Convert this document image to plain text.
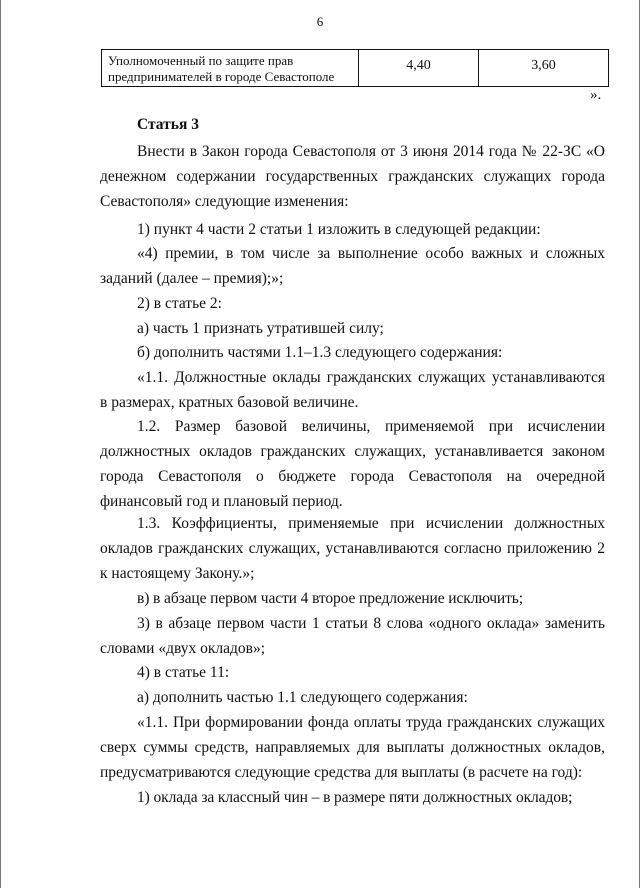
6
Уполномоченный по защите прав предпринимателей в городе Севастополе
4,40	3,60
».
Статья 3
Внести в Закон города Севастополя от 3 июня 2014 года № 22-ЗС «О денежном содержании государственных гражданских служащих города Севастополя» следующие изменения:
1) пункт 4 части 2 статьи 1 изложить в следующей редакции:
«4) премии, в том числе за выполнение особо важных и сложных заданий (далее – премия);»;
2) в статье 2:
а) часть 1 признать утратившей силу;
б) дополнить частями 1.1–1.3 следующего содержания:
«1.1. Должностные оклады гражданских служащих устанавливаются в размерах, кратных базовой величине.
1.2. Размер базовой величины, применяемой при исчислении должностных окладов гражданских служащих, устанавливается законом города Севастополя о бюджете города Севастополя на очередной финансовый год и плановый период.
1.3. Коэффициенты, применяемые при исчислении должностных окладов гражданских служащих, устанавливаются согласно приложению 2 к настоящему Закону.»;
в) в абзаце первом части 4 второе предложение исключить;
3) в абзаце первом части 1 статьи 8 слова «одного оклада» заменить словами «двух окладов»;
4) в статье 11:
а) дополнить частью 1.1 следующего содержания:
«1.1. При формировании фонда оплаты труда гражданских служащих сверх суммы средств, направляемых для выплаты должностных окладов, предусматриваются следующие средства для выплаты (в расчете на год):
1) оклада за классный чин – в размере пяти должностных окладов;
